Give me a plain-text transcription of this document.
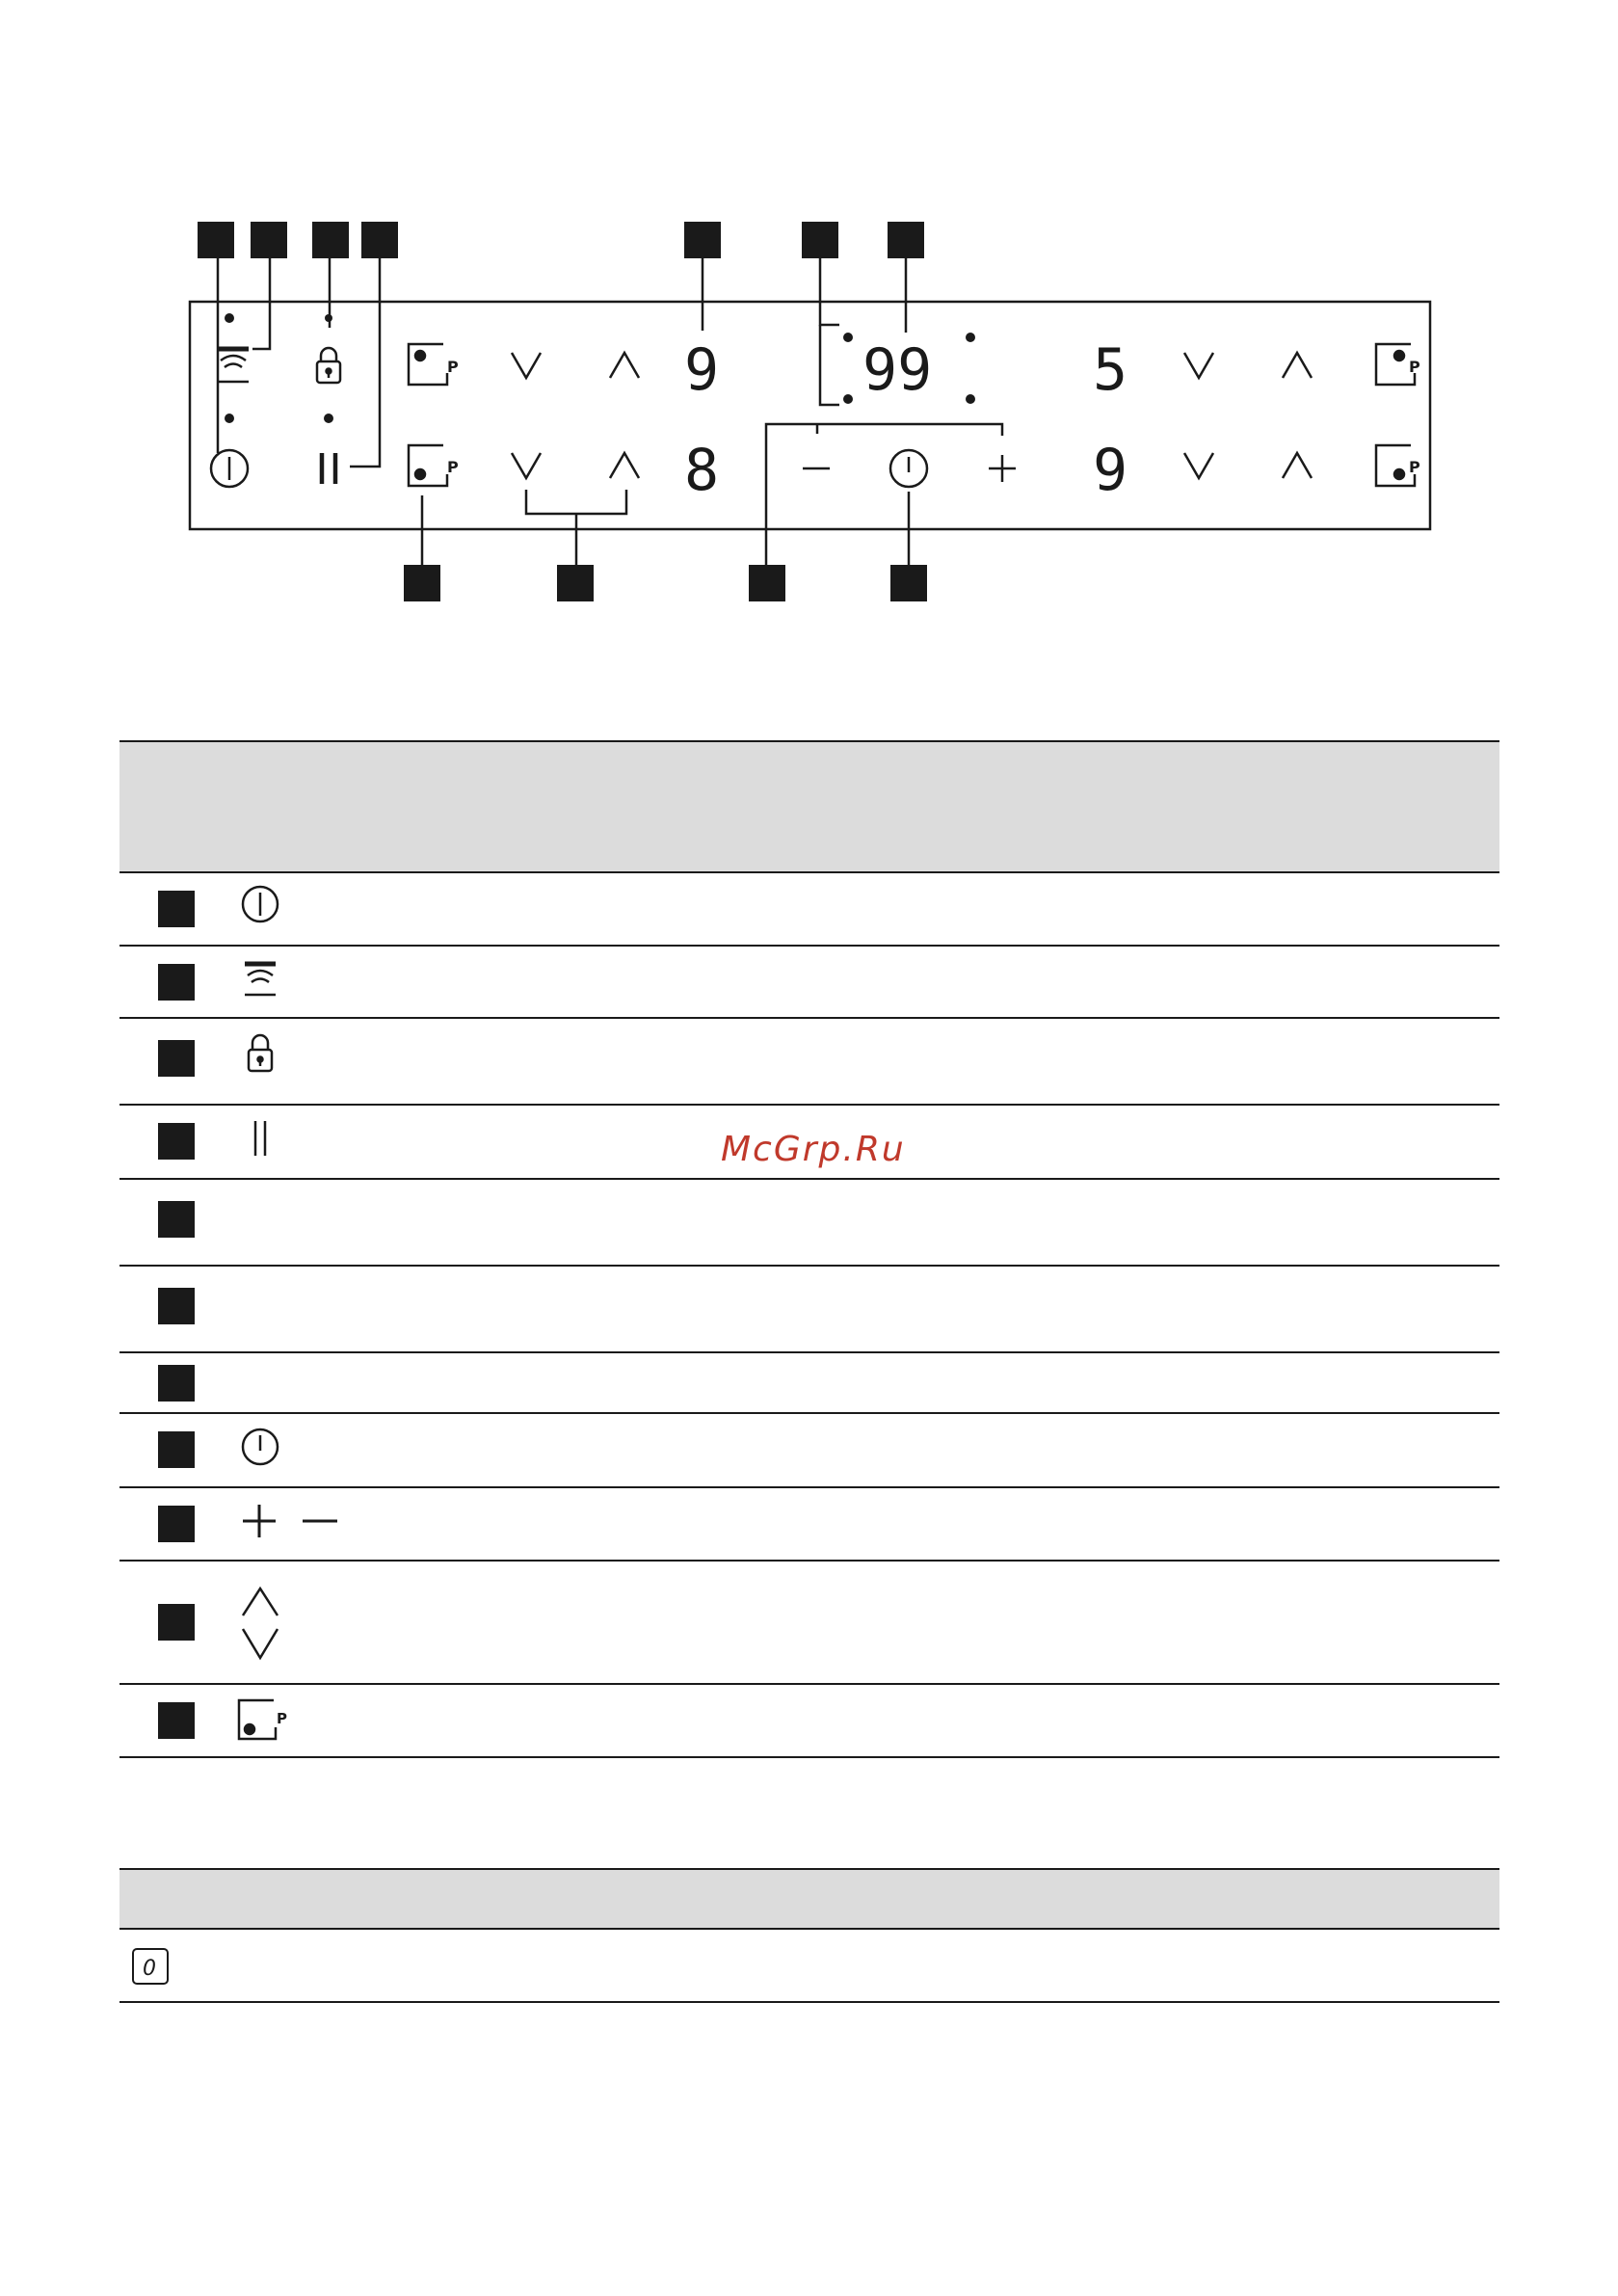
P
P
P
P
9
8
99	5
9
McGrp.Ru
P
0
